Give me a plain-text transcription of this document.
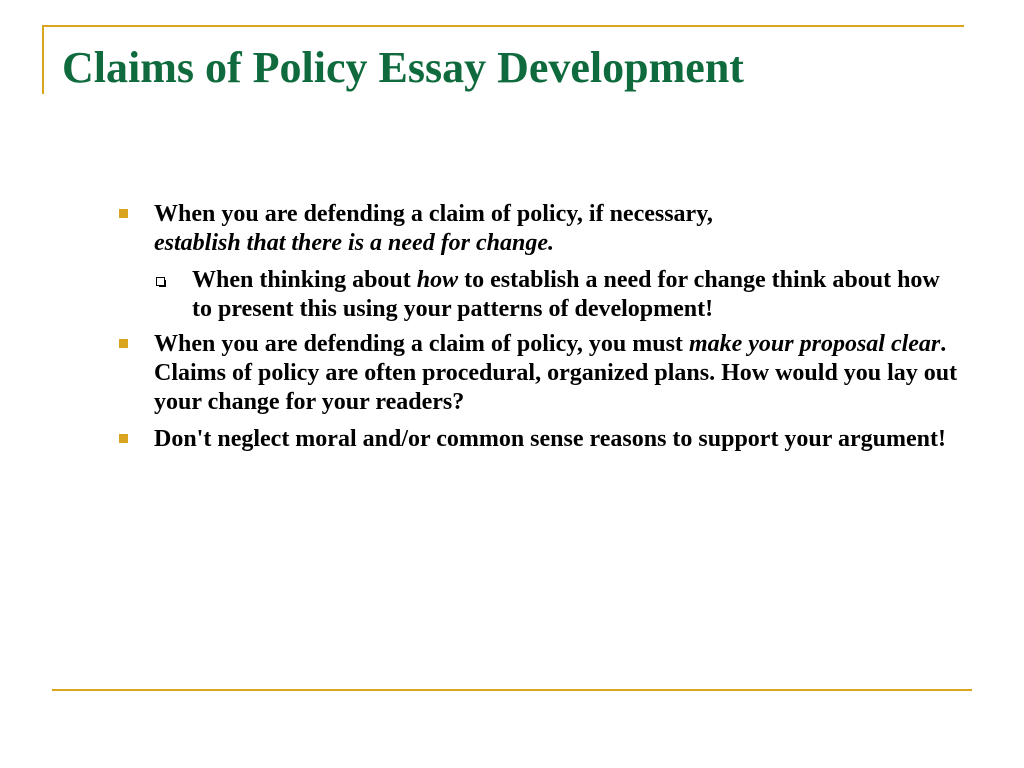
Claims of Policy Essay Development
When you are defending a claim of policy, if necessary,
establish that there is a need for change.
When thinking about how to establish a need for change think about how to present this using your patterns of development!
When you are defending a claim of policy, you must make your proposal clear. Claims of policy are often procedural, organized plans. How would you lay out your change for your readers?
Don't neglect moral and/or common sense reasons to support your argument!
